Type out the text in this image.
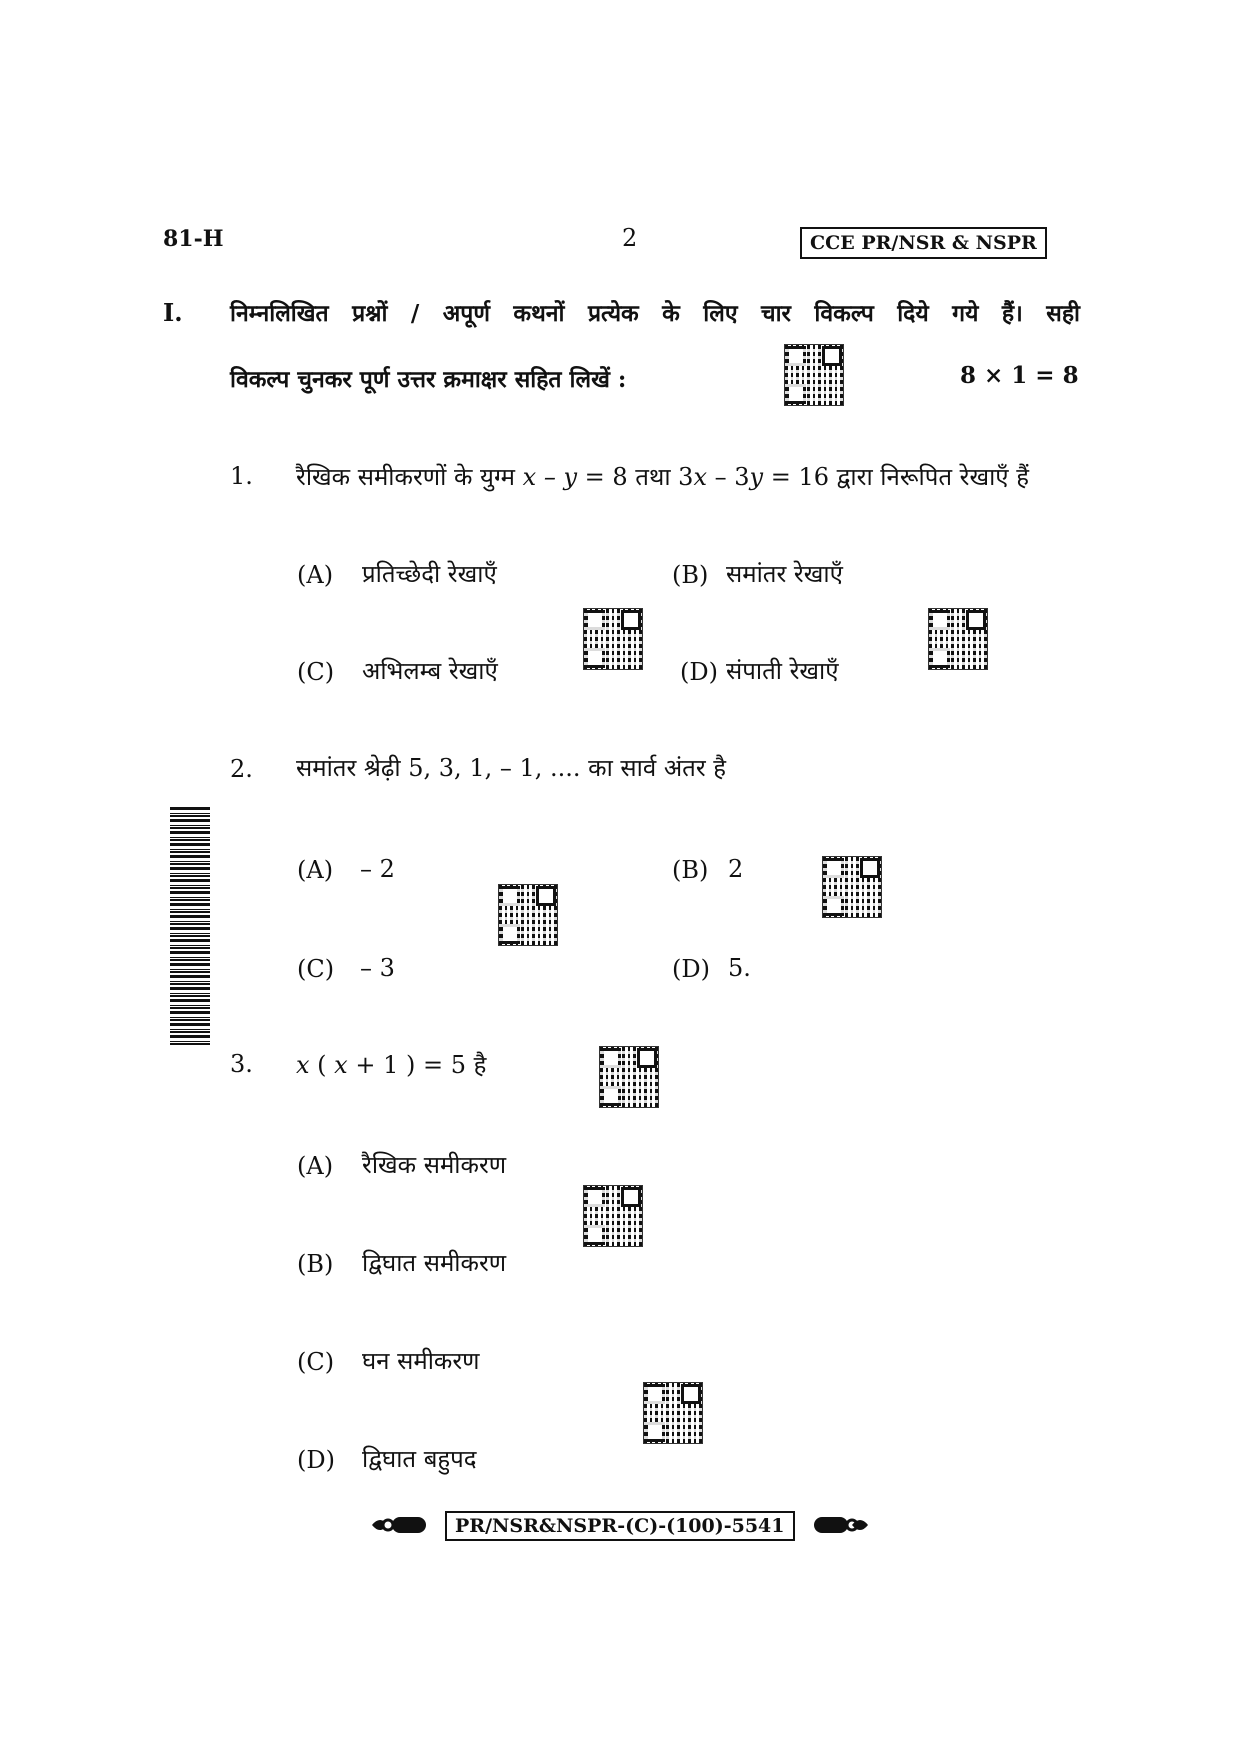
81-H	2	CCE PR/NSR & NSPR
I. निम्नलिखित प्रश्नों / अपूर्ण कथनों प्रत्येक के लिए चार विकल्प दिये गये हैं। सही
विकल्प चुनकर पूर्ण उत्तर क्रमाक्षर सहित लिखें :	8 × 1 = 8
1. रैखिक समीकरणों के युग्म x – y = 8 तथा 3x – 3y = 16 द्वारा निरूपित रेखाएँ हैं
(A) प्रतिच्छेदी रेखाएँ	(B) समांतर रेखाएँ
(C) अभिलम्ब रेखाएँ	(D) संपाती रेखाएँ
2. समांतर श्रेढ़ी 5, 3, 1, – 1, .... का सार्व अंतर है
(A) – 2	(B) 2
(C) – 3	(D) 5.
3. x ( x + 1 ) = 5 है
(A) रैखिक समीकरण
(B) द्विघात समीकरण
(C) घन समीकरण
(D) द्विघात बहुपद
PR/NSR&NSPR-(C)-(100)-5541
